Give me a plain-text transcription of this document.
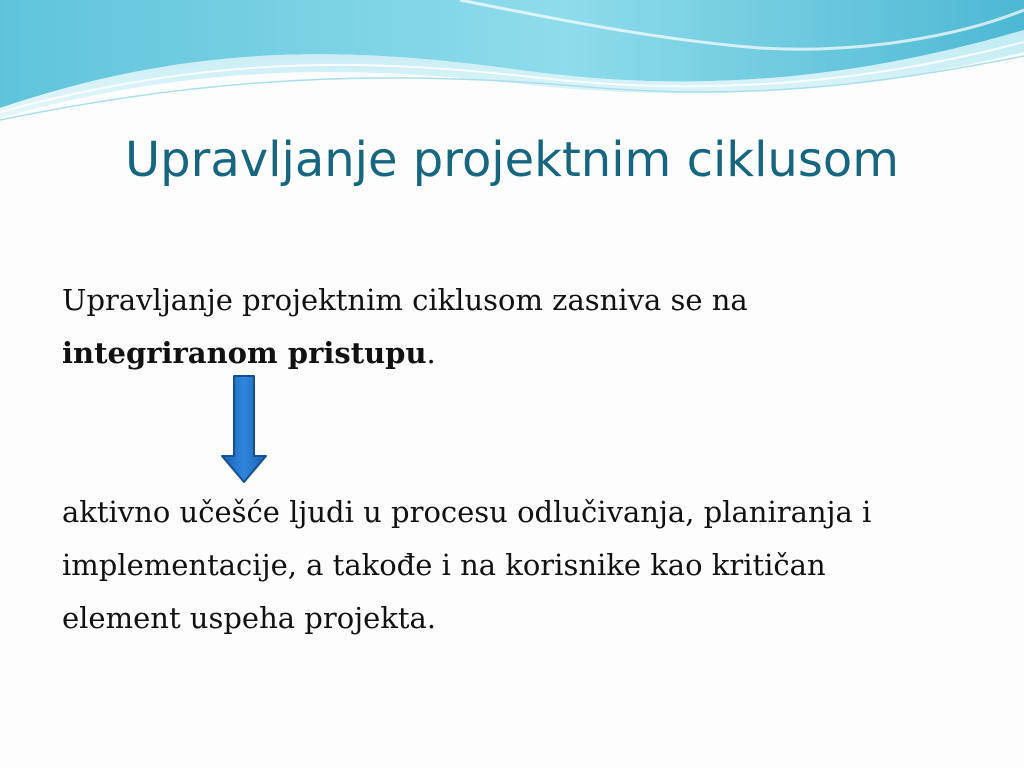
Upravljanje projektnim ciklusom

Upravljanje projektnim ciklusom zasniva se na
integriranom pristupu.

aktivno učešće ljudi u procesu odlučivanja, planiranja i
implementacije, a takođe i na korisnike kao kritičan
element uspeha projekta.
